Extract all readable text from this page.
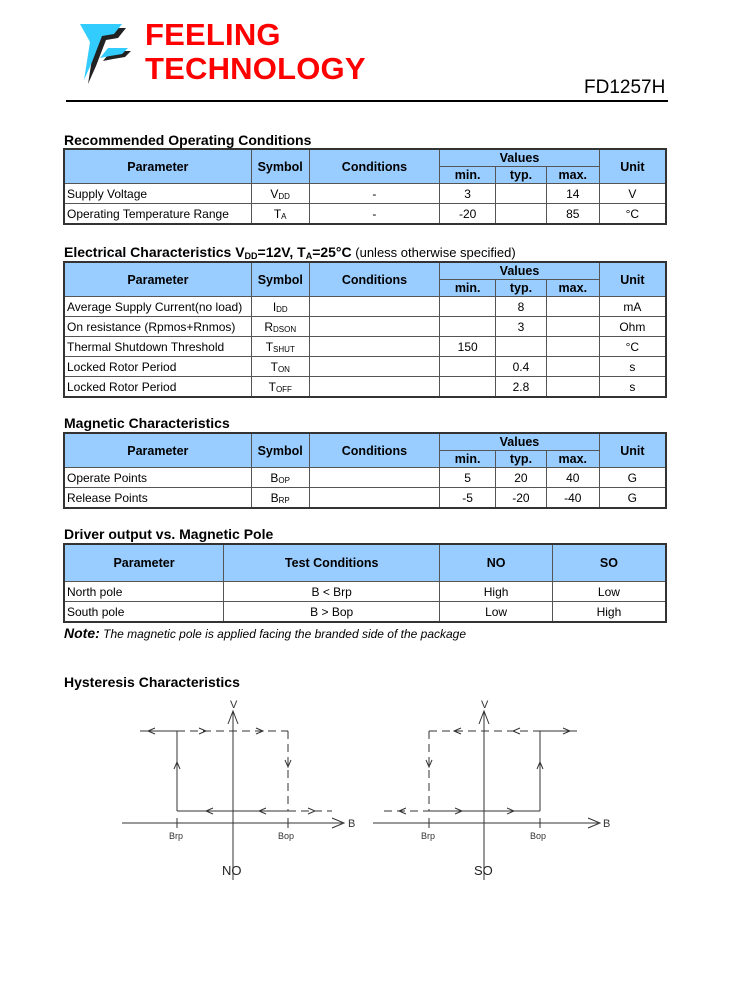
FEELING
TECHNOLOGY
FD1257H
Recommended Operating Conditions
Parameter	Symbol	Conditions	Values			Unit
			min.	typ.	max.	
Supply Voltage	$V_{DD}$	-	3		14	V
Operating Temperature Range	$T_A$	-	-20		85	°C
Electrical Characteristics $V_{DD}=12V$, $T_A=25^\circ C$ (unless otherwise specified)
Parameter	Symbol	Conditions	Values			Unit
			min.	typ.	max.	
Average Supply Current(no load)	$I_{DD}$			8		mA
On resistance (Rpmos+Rnmos)	$R_{DSON}$			3		Ohm
Thermal Shutdown Threshold	$T_{SHUT}$		150			°C
Locked Rotor Period	$T_{ON}$			0.4		s
Locked Rotor Period	$T_{OFF}$			2.8		s
Magnetic Characteristics
Parameter	Symbol	Conditions	Values			Unit
			min.	typ.	max.	
Operate Points	$B_{OP}$		5	20	40	G
Release Points	$B_{RP}$		-5	-20	-40	G
Driver output vs. Magnetic Pole
Parameter	Test Conditions	NO	SO
North pole	B < Brp	High	Low
South pole	B > Bop	Low	High
Note: The magnetic pole is applied facing the branded side of the package
Hysteresis Characteristics
V
B
Brp	Bop
NO
V
B
Brp	Bop
SO
